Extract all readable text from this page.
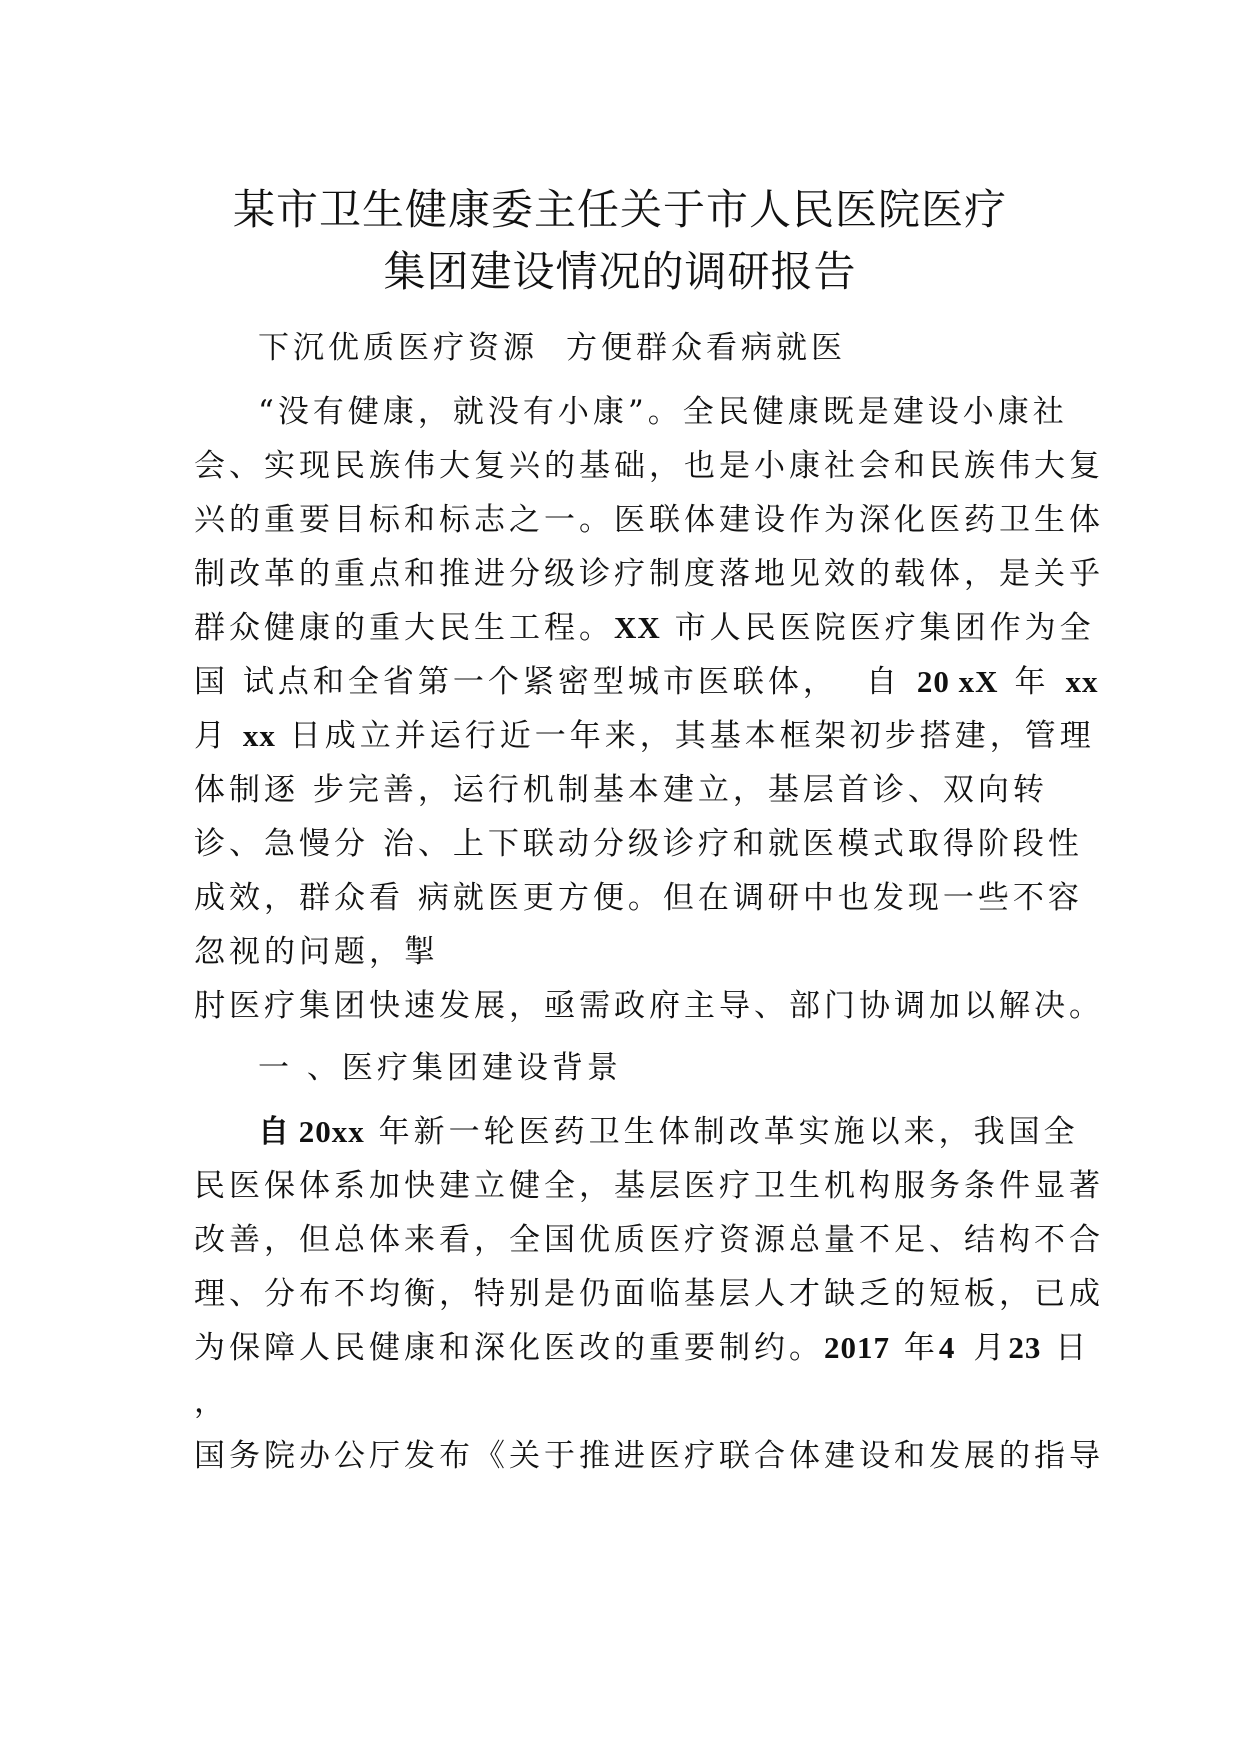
某市卫生健康委主任关于市人民医院医疗
集团建设情况的调研报告
下沉优质医疗资源 方便群众看病就医
“没有健康，就没有小康”。全民健康既是建设小康社
会、实现民族伟大复兴的基础，也是小康社会和民族伟大复
兴的重要目标和标志之一。医联体建设作为深化医药卫生体
制改革的重点和推进分级诊疗制度落地见效的载体，是关乎
群众健康的重大民生工程。XX 市人民医院医疗集团作为全
国 试点和全省第一个紧密型城市医联体， 自 20 xX 年 xx
月 xx 日成立并运行近一年来，其基本框架初步搭建，管理
体制逐 步完善，运行机制基本建立，基层首诊、双向转
诊、急慢分 治、上下联动分级诊疗和就医模式取得阶段性
成效，群众看 病就医更方便。但在调研中也发现一些不容
忽视的问题，掣
肘医疗集团快速发展，亟需政府主导、部门协调加以解决。
一 、医疗集团建设背景
自 20xx 年新一轮医药卫生体制改革实施以来，我国全
民医保体系加快建立健全，基层医疗卫生机构服务条件显著
改善，但总体来看，全国优质医疗资源总量不足、结构不合
理、分布不均衡，特别是仍面临基层人才缺乏的短板，已成
为保障人民健康和深化医改的重要制约。2017 年4 月23 日
，
国务院办公厅发布《关于推进医疗联合体建设和发展的指导
